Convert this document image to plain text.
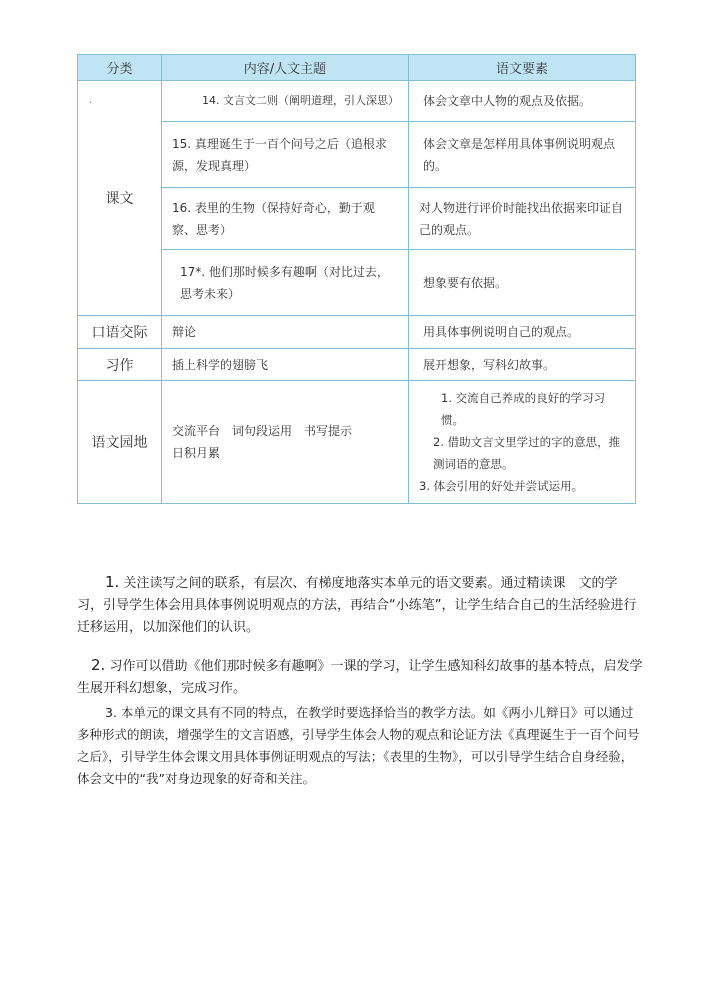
·
分类	内容/人文主题	语文要素
课文	14. 文言文二则（阐明道理，引人深思）	体会文章中人物的观点及依据。
	15. 真理诞生于一百个问号之后（追根求源，发现真理）	体会文章是怎样用具体事例说明观点的。
	16. 表里的生物（保持好奇心，勤于观察、思考）	对人物进行评价时能找出依据来印证自己的观点。
	17*. 他们那时候多有趣啊（对比过去，思考未来）	想象要有依据。
口语交际	辩论	用具体事例说明自己的观点。
习作	插上科学的翅膀飞	展开想象，写科幻故事。
语文园地	交流平台　词句段运用　书写提示　日积月累	1. 交流自己养成的良好的学习习惯。
2. 借助文言文里学过的字的意思，推测词语的意思。
3. 体会引用的好处并尝试运用。
1. 关注读写之间的联系，有层次、有梯度地落实本单元的语文要素。通过精读课　文的学习，引导学生体会用具体事例说明观点的方法，再结合“小练笔”，让学生结合自己的生活经验进行迁移运用，以加深他们的认识。
2. 习作可以借助《他们那时候多有趣啊》一课的学习，让学生感知科幻故事的基本特点，启发学生展开科幻想象，完成习作。
3. 本单元的课文具有不同的特点，在教学时要选择恰当的教学方法。如《两小儿辩日》可以通过多种形式的朗读，增强学生的文言语感，引导学生体会人物的观点和论证方法《真理诞生于一百个问号之后》，引导学生体会课文用具体事例证明观点的写法；《表里的生物》，可以引导学生结合自身经验，体会文中的“我”对身边现象的好奇和关注。
